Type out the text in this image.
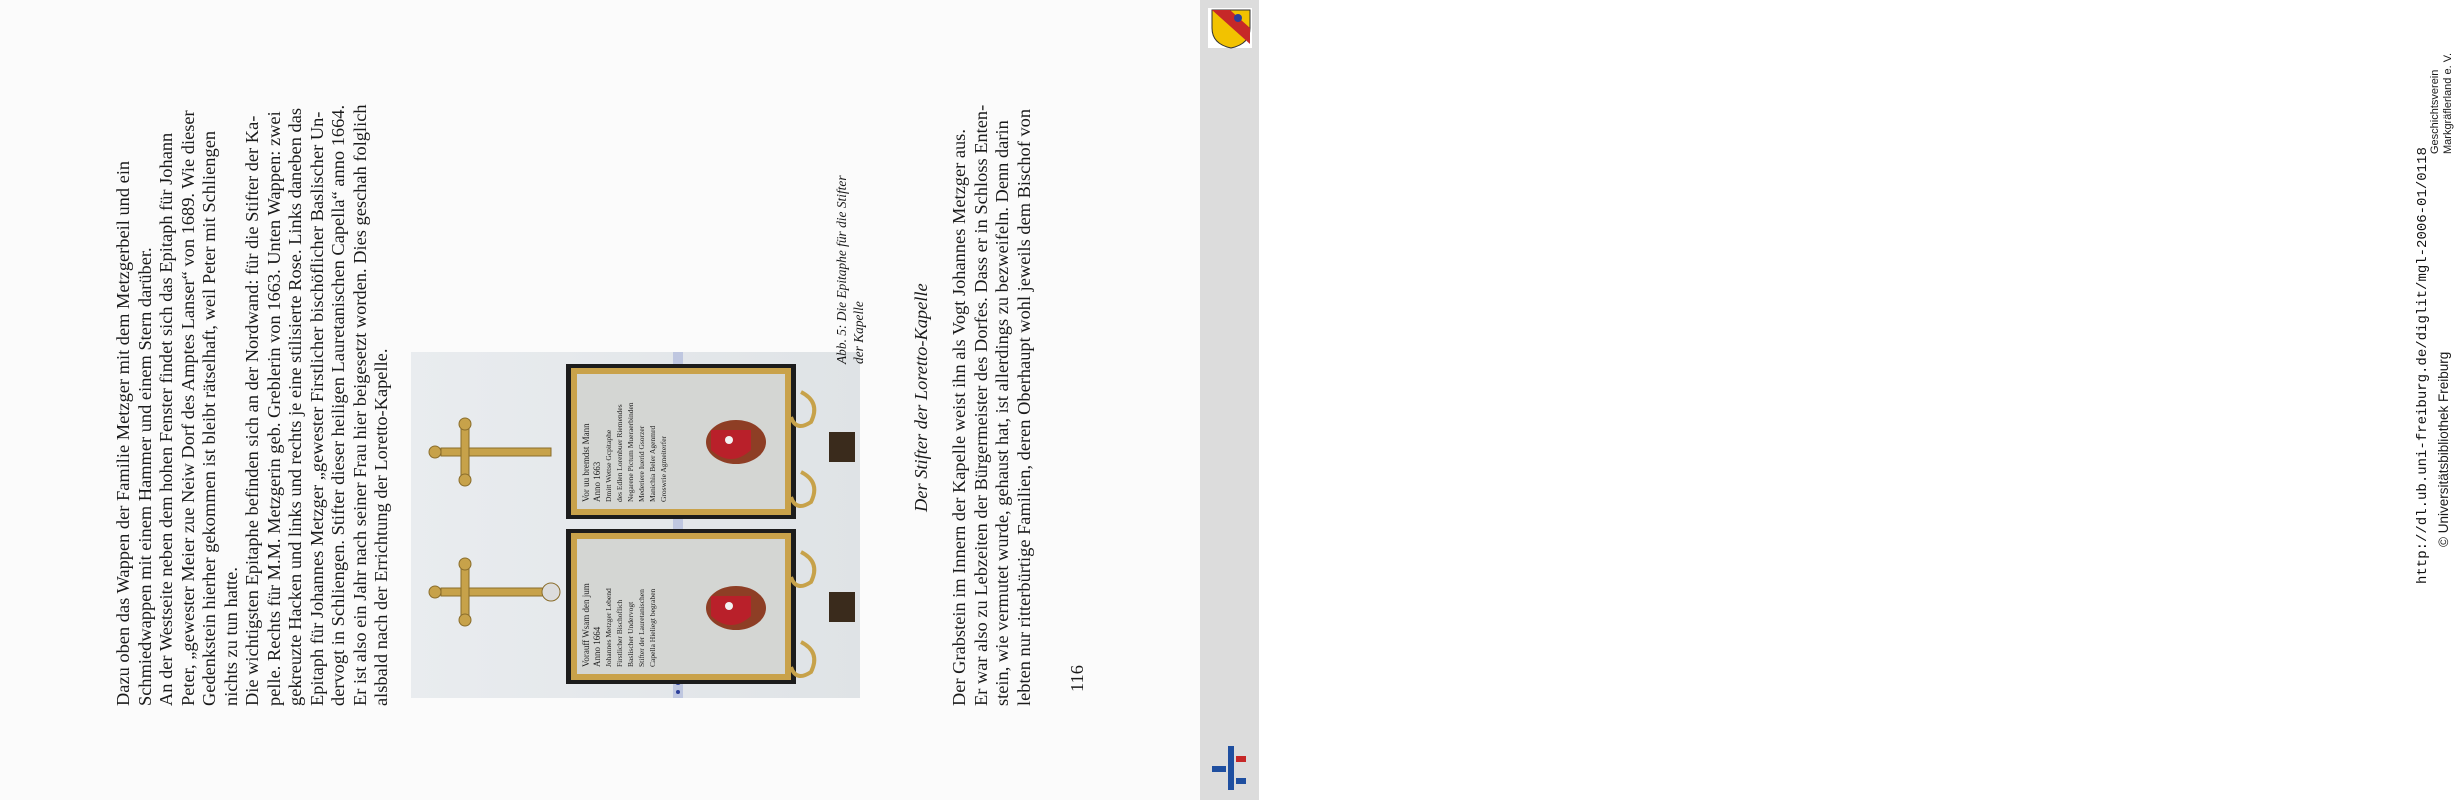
Dazu oben das Wappen der Familie Metzger mit dem Metzgerbeil und ein Schmiedwappen mit einem Hammer und einem Stern darüber. An der Westseite neben dem hohen Fenster findet sich das Epitaph für Johann Peter, „gewester Meier zue Neiw Dorf des Amptes Lanser“ von 1689. Wie dieser Gedenkstein hierher gekommen ist bleibt rätselhaft, weil Peter mit Schliengen nichts zu tun hatte. Die wichtigsten Epitaphe befinden sich an der Nordwand: für die Stifter der Ka- pelle. Rechts für M.M. Metzgerin geb. Greblerin von 1663. Unten Wappen: zwei gekreuzte Hacken und links und rechts je eine stilisierte Rose. Links daneben das Epitaph für Johannes Metzger „gewester Firstlicher bischöflicher Baslischer Un- dervogt in Schliengen. Stifter dieser heiligen Lauretanischen Capella“ anno 1664. Er ist also ein Jahr nach seiner Frau hier beigesetzt worden. Dies geschah folglich alsbald nach der Errichtung der Loretto-Kapelle.	Vor uu bremdst Mann Anno 1663 Dmitt Wettse Gcpitaphe des Edlen Lorenbuer Riemendes Negarene Pictum Mueraerbinden Mederiere Iuerid Gsorzer Manichia Beler Agenmrd Groswrie Agmeiterfer
Vorauff Wsam den jum Anno 1664 Johannes Metzger Lebend Firstlicher Bischoflich Baslischer Undervogt Stifter der Lauretanischen Capella Hieliegt begraben
Abb. 5: Die Epitaphe für die Stifter der Kapelle Der Stifter der Loretto-Kapelle Der Grabstein im Innern der Kapelle weist ihn als Vogt Johannes Metzger aus. Er war also zu Lebzeiten der Bürgermeister des Dorfes. Dass er in Schloss Enten- stein, wie vermutet wurde, gehaust hat, ist allerdings zu bezweifeln. Denn darin lebten nur ritterbürtige Familien, deren Oberhaupt wohl jeweils dem Bischof von 116
Geschichtsverein Markgräflerland e. V.
http://dl.ub.uni-freiburg.de/diglit/mgl-2006-01/0118 © Universitätsbibliothek Freiburg
